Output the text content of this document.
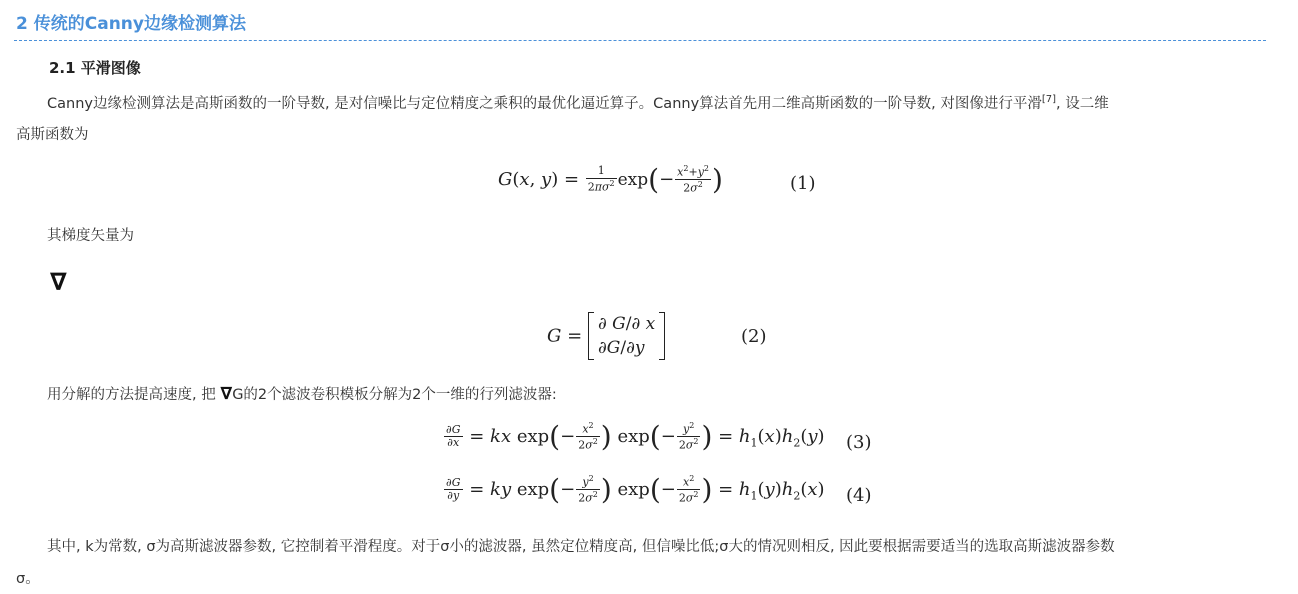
2 传统的Canny边缘检测算法
2.1 平滑图像
Canny边缘检测算法是高斯函数的一阶导数, 是对信噪比与定位精度之乘积的最优化逼近算子。Canny算法首先用二维高斯函数的一阶导数, 对图像进行平滑[7], 设二维
高斯函数为
G(x, $y) = \frac{1}{2\pi\sigma^2} \exp(- \frac{x^2+y^2}{2\sigma^2}$ )	(1)
其梯度矢量为
∇
G = ∂ G/∂ x
∂G/∂y
(2)
用分解的方法提高速度, 把 ∇G的2个滤波卷积模板分解为2个一维的行列滤波器:
$\frac{\partial G}{\partial x}$ = kx $\exp(- \frac{x^2}{2\sigma^2}$ ) $\exp(- \frac{y^2}{2\sigma^2}$ ) = $h_1(x)h_2(y)$ (3)
$\frac{\partial G}{\partial y}$ = ky $\exp(- \frac{y^2}{2\sigma^2}$ ) $\exp(- \frac{x^2}{2\sigma^2}$ ) = $h_1(y)h_2(x)$ (4)
其中, k为常数, σ为高斯滤波器参数, 它控制着平滑程度。对于σ小的滤波器, 虽然定位精度高, 但信噪比低;σ大的情况则相反, 因此要根据需要适当的选取高斯滤波器参数
σ。
